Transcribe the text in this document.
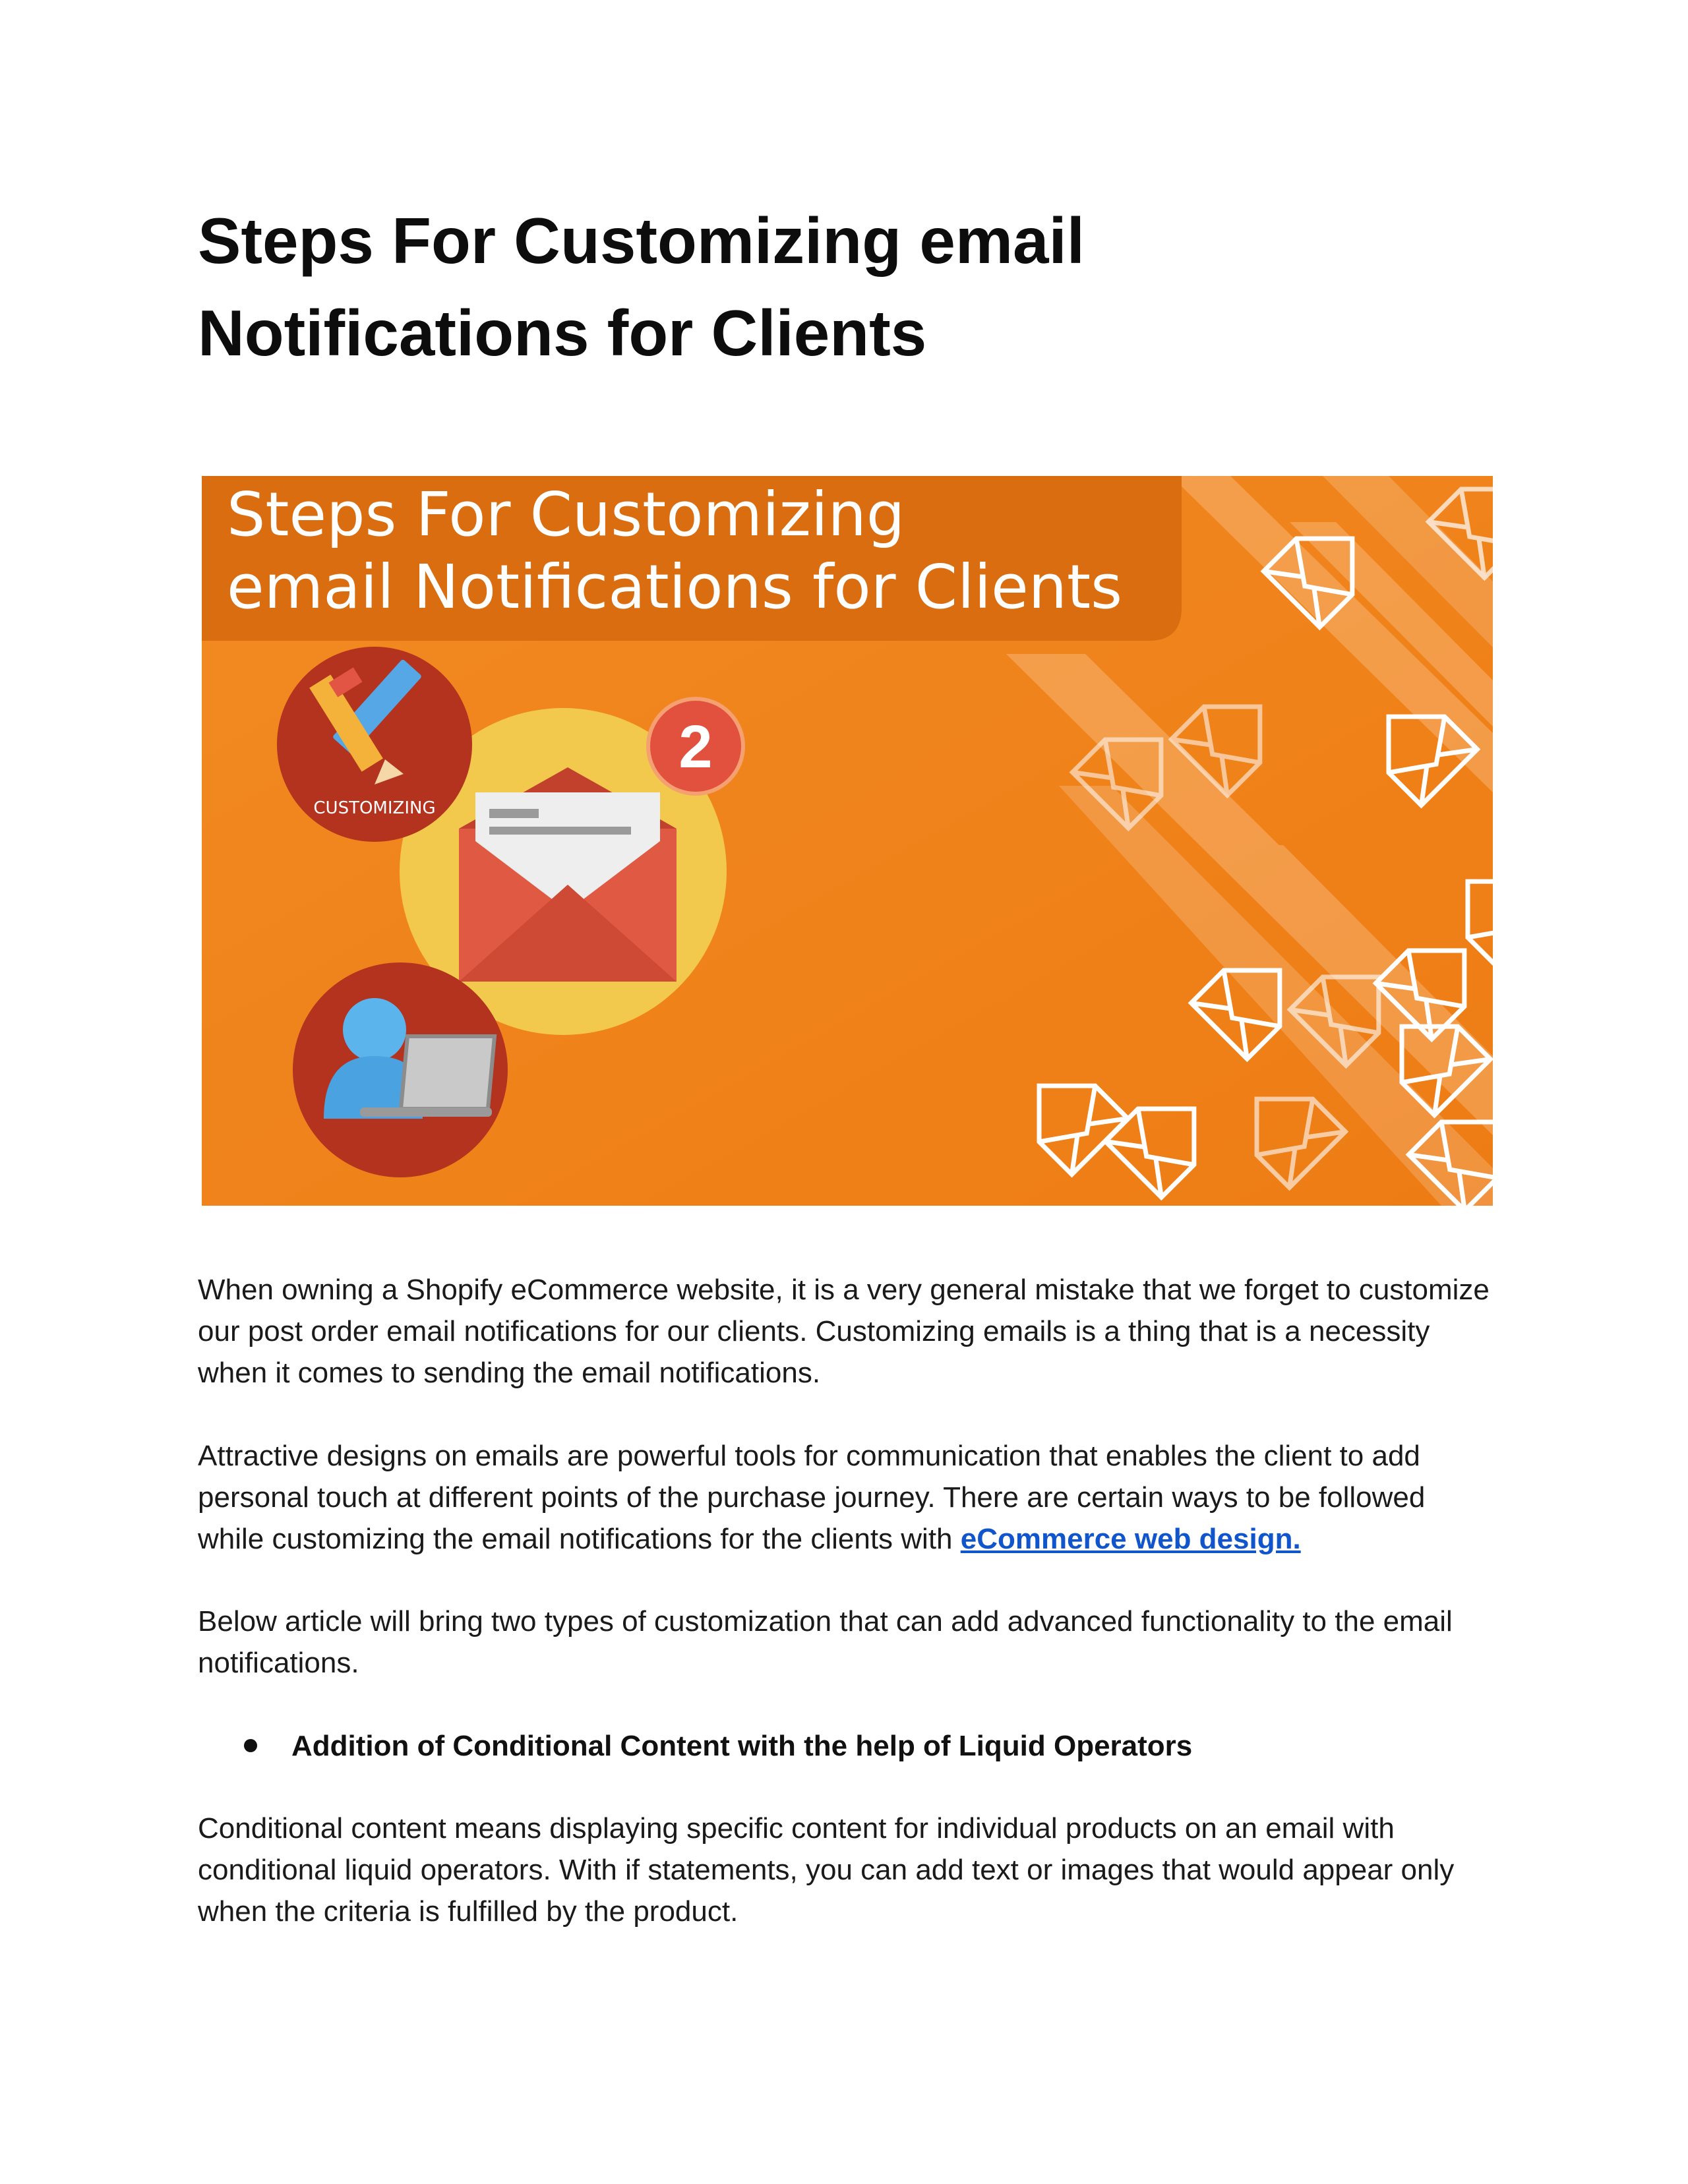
Steps For Customizing email
Notifications for Clients
Steps For Customizing
email Notifications for Clients
2
CUSTOMIZING

When owning a Shopify eCommerce website, it is a very general mistake that we forget to customize our post order email notifications for our clients. Customizing emails is a thing that is a necessity when it comes to sending the email notifications.

Attractive designs on emails are powerful tools for communication that enables the client to add personal touch at different points of the purchase journey. There are certain ways to be followed while customizing the email notifications for the clients with eCommerce web design.

Below article will bring two types of customization that can add advanced functionality to the email notifications.

Addition of Conditional Content with the help of Liquid Operators

Conditional content means displaying specific content for individual products on an email with conditional liquid operators. With if statements, you can add text or images that would appear only when the criteria is fulfilled by the product.
